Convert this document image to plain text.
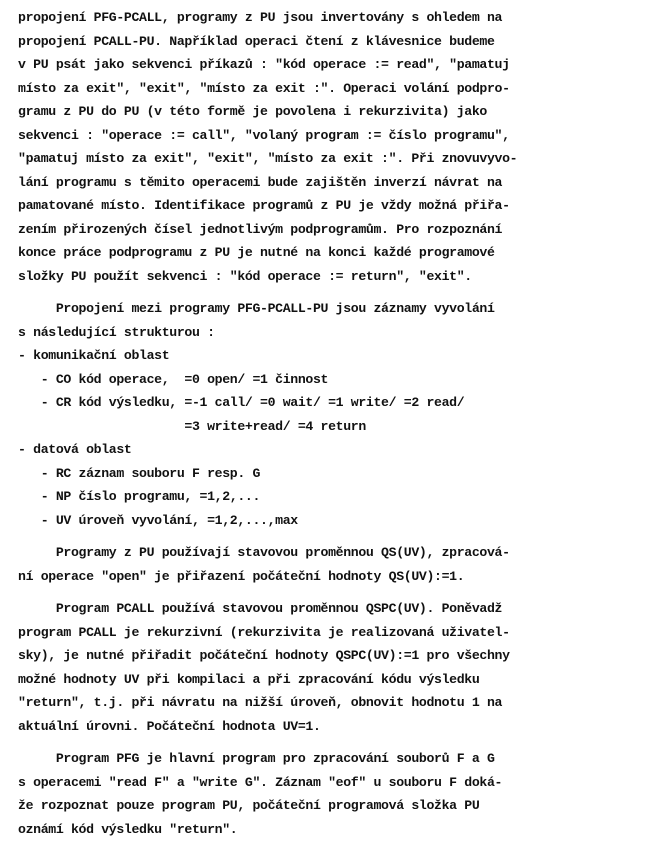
propojení PFG-PCALL, programy z PU jsou invertovány s ohledem na

propojení PCALL-PU. Například operaci čtení z klávesnice budeme

v PU psát jako sekvenci příkazů : "kód operace := read", "pamatuj

místo za exit", "exit", "místo za exit :". Operaci volání podpro-

gramu z PU do PU (v této formě je povolena i rekurzivita) jako

sekvenci : "operace := call", "volaný program := číslo programu",

"pamatuj místo za exit", "exit", "místo za exit :". Při znovuvyvo-

lání programu s těmito operacemi bude zajištěn inverzí návrat na

pamatované místo. Identifikace programů z PU je vždy možná přiřa-

zením přirozených čísel jednotlivým podprogramům. Pro rozpoznání

konce práce podprogramu z PU je nutné na konci každé programové

složky PU použít sekvenci : "kód operace := return", "exit".

Propojení mezi programy PFG-PCALL-PU jsou záznamy vyvolání

s následující strukturou :

- komunikační oblast

- CO kód operace,  =0 open/ =1 činnost

- CR kód výsledku, =-1 call/ =0 wait/ =1 write/ =2 read/

=3 write+read/ =4 return

- datová oblast

- RC záznam souboru F resp. G

- NP číslo programu, =1,2,...

- UV úroveň vyvolání, =1,2,...,max

Programy z PU používají stavovou proměnnou QS(UV), zpracová-

ní operace "open" je přiřazení počáteční hodnoty QS(UV):=1.

Program PCALL používá stavovou proměnnou QSPC(UV). Poněvadž

program PCALL je rekurzivní (rekurzivita je realizovaná uživatel-

sky), je nutné přiřadit počáteční hodnoty QSPC(UV):=1 pro všechny

možné hodnoty UV při kompilaci a při zpracování kódu výsledku

"return", t.j. při návratu na nižší úroveň, obnovit hodnotu 1 na

aktuální úrovni. Počáteční hodnota UV=1.

Program PFG je hlavní program pro zpracování souborů F a G

s operacemi "read F" a "write G". Záznam "eof" u souboru F doká-

že rozpoznat pouze program PU, počáteční programová složka PU

oznámí kód výsledku "return".
